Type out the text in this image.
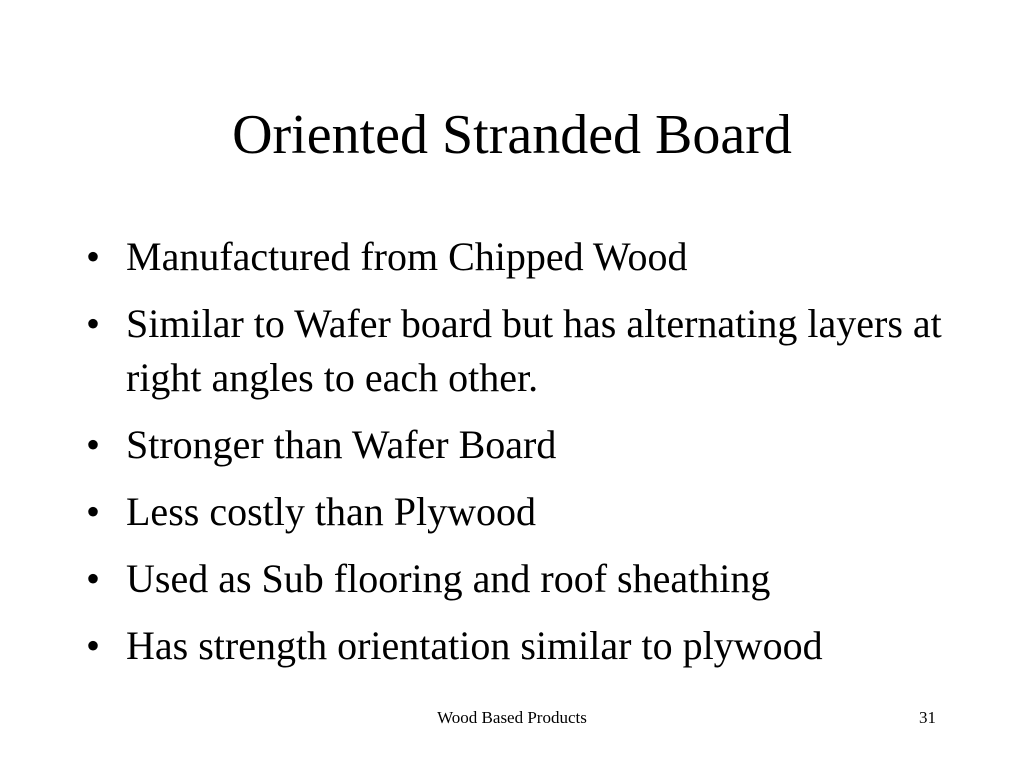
Oriented Stranded Board
• Manufactured from Chipped Wood
• Similar to Wafer board but has alternating layers at right angles to each other.
• Stronger than Wafer Board
• Less costly than Plywood
• Used as Sub flooring and roof sheathing
• Has strength orientation similar to plywood
Wood Based Products	31
